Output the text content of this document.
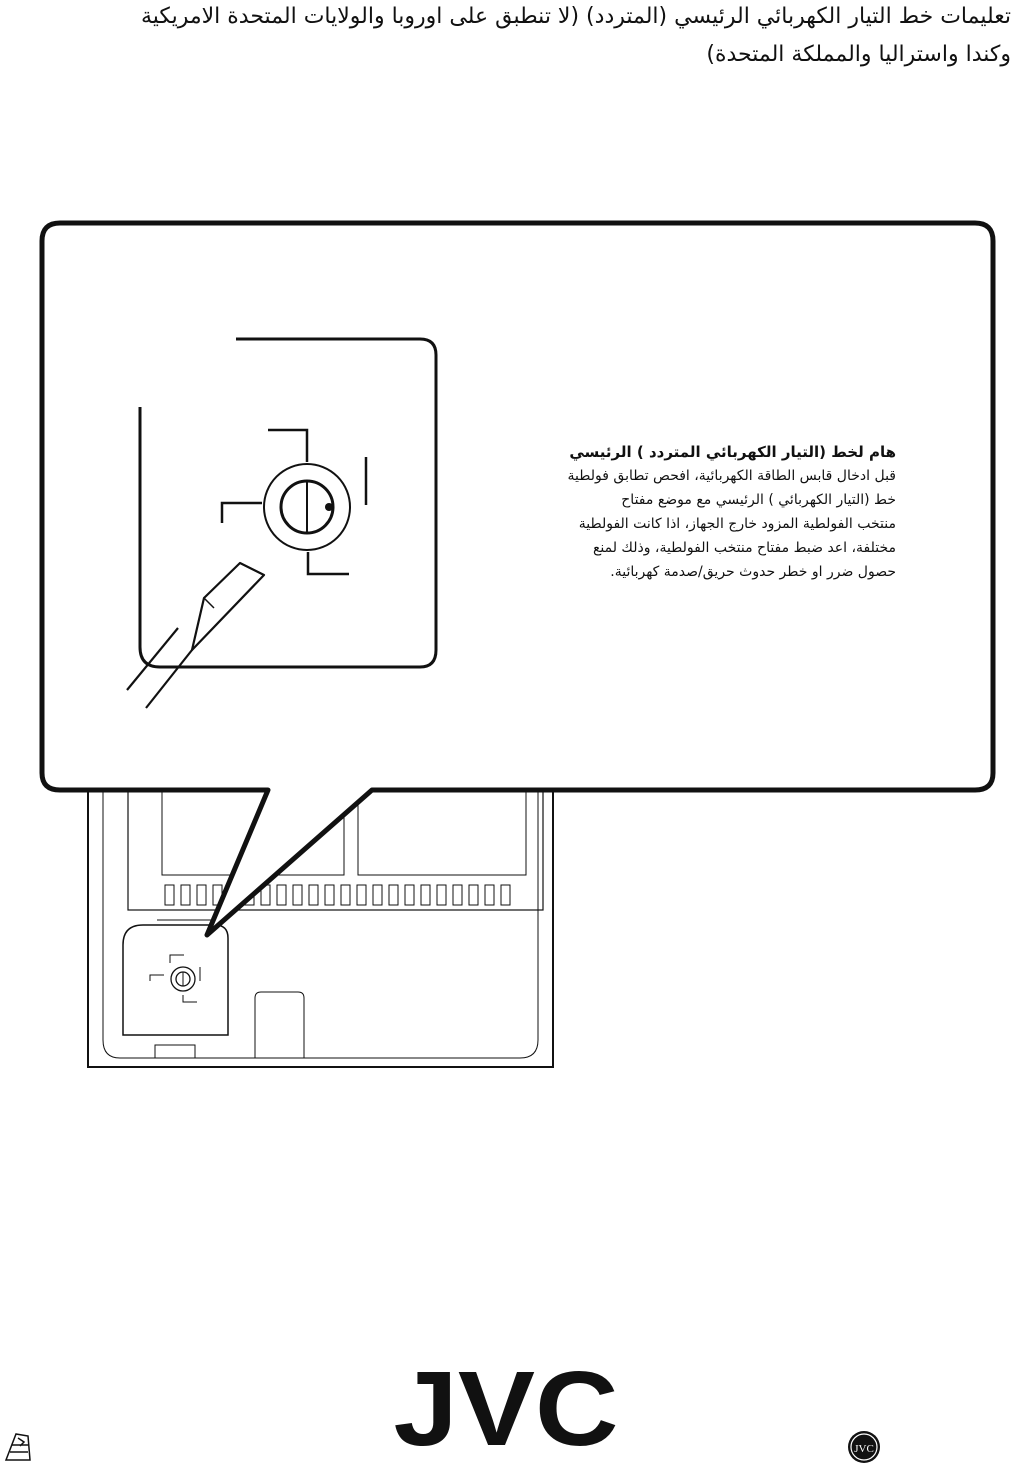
تعليمات خط التيار الكهربائي الرئيسي (المتردد) (لا تنطبق على اوروبا والولايات المتحدة الامريكية
وكندا واستراليا والمملكة المتحدة)
JVC	JVC
هام لخط (التيار الكهربائي المتردد ) الرئيسي
قبل ادخال قابس الطاقة الكهربائية، افحص تطابق فولطية
خط (التيار الكهربائي ) الرئيسي مع موضع مفتاح
منتخب الفولطية المزود خارج الجهاز، اذا كانت الفولطية
مختلفة، اعد ضبط مفتاح منتخب الفولطية، وذلك لمنع
حصول ضرر او خطر حدوث حريق/صدمة كهربائية.
